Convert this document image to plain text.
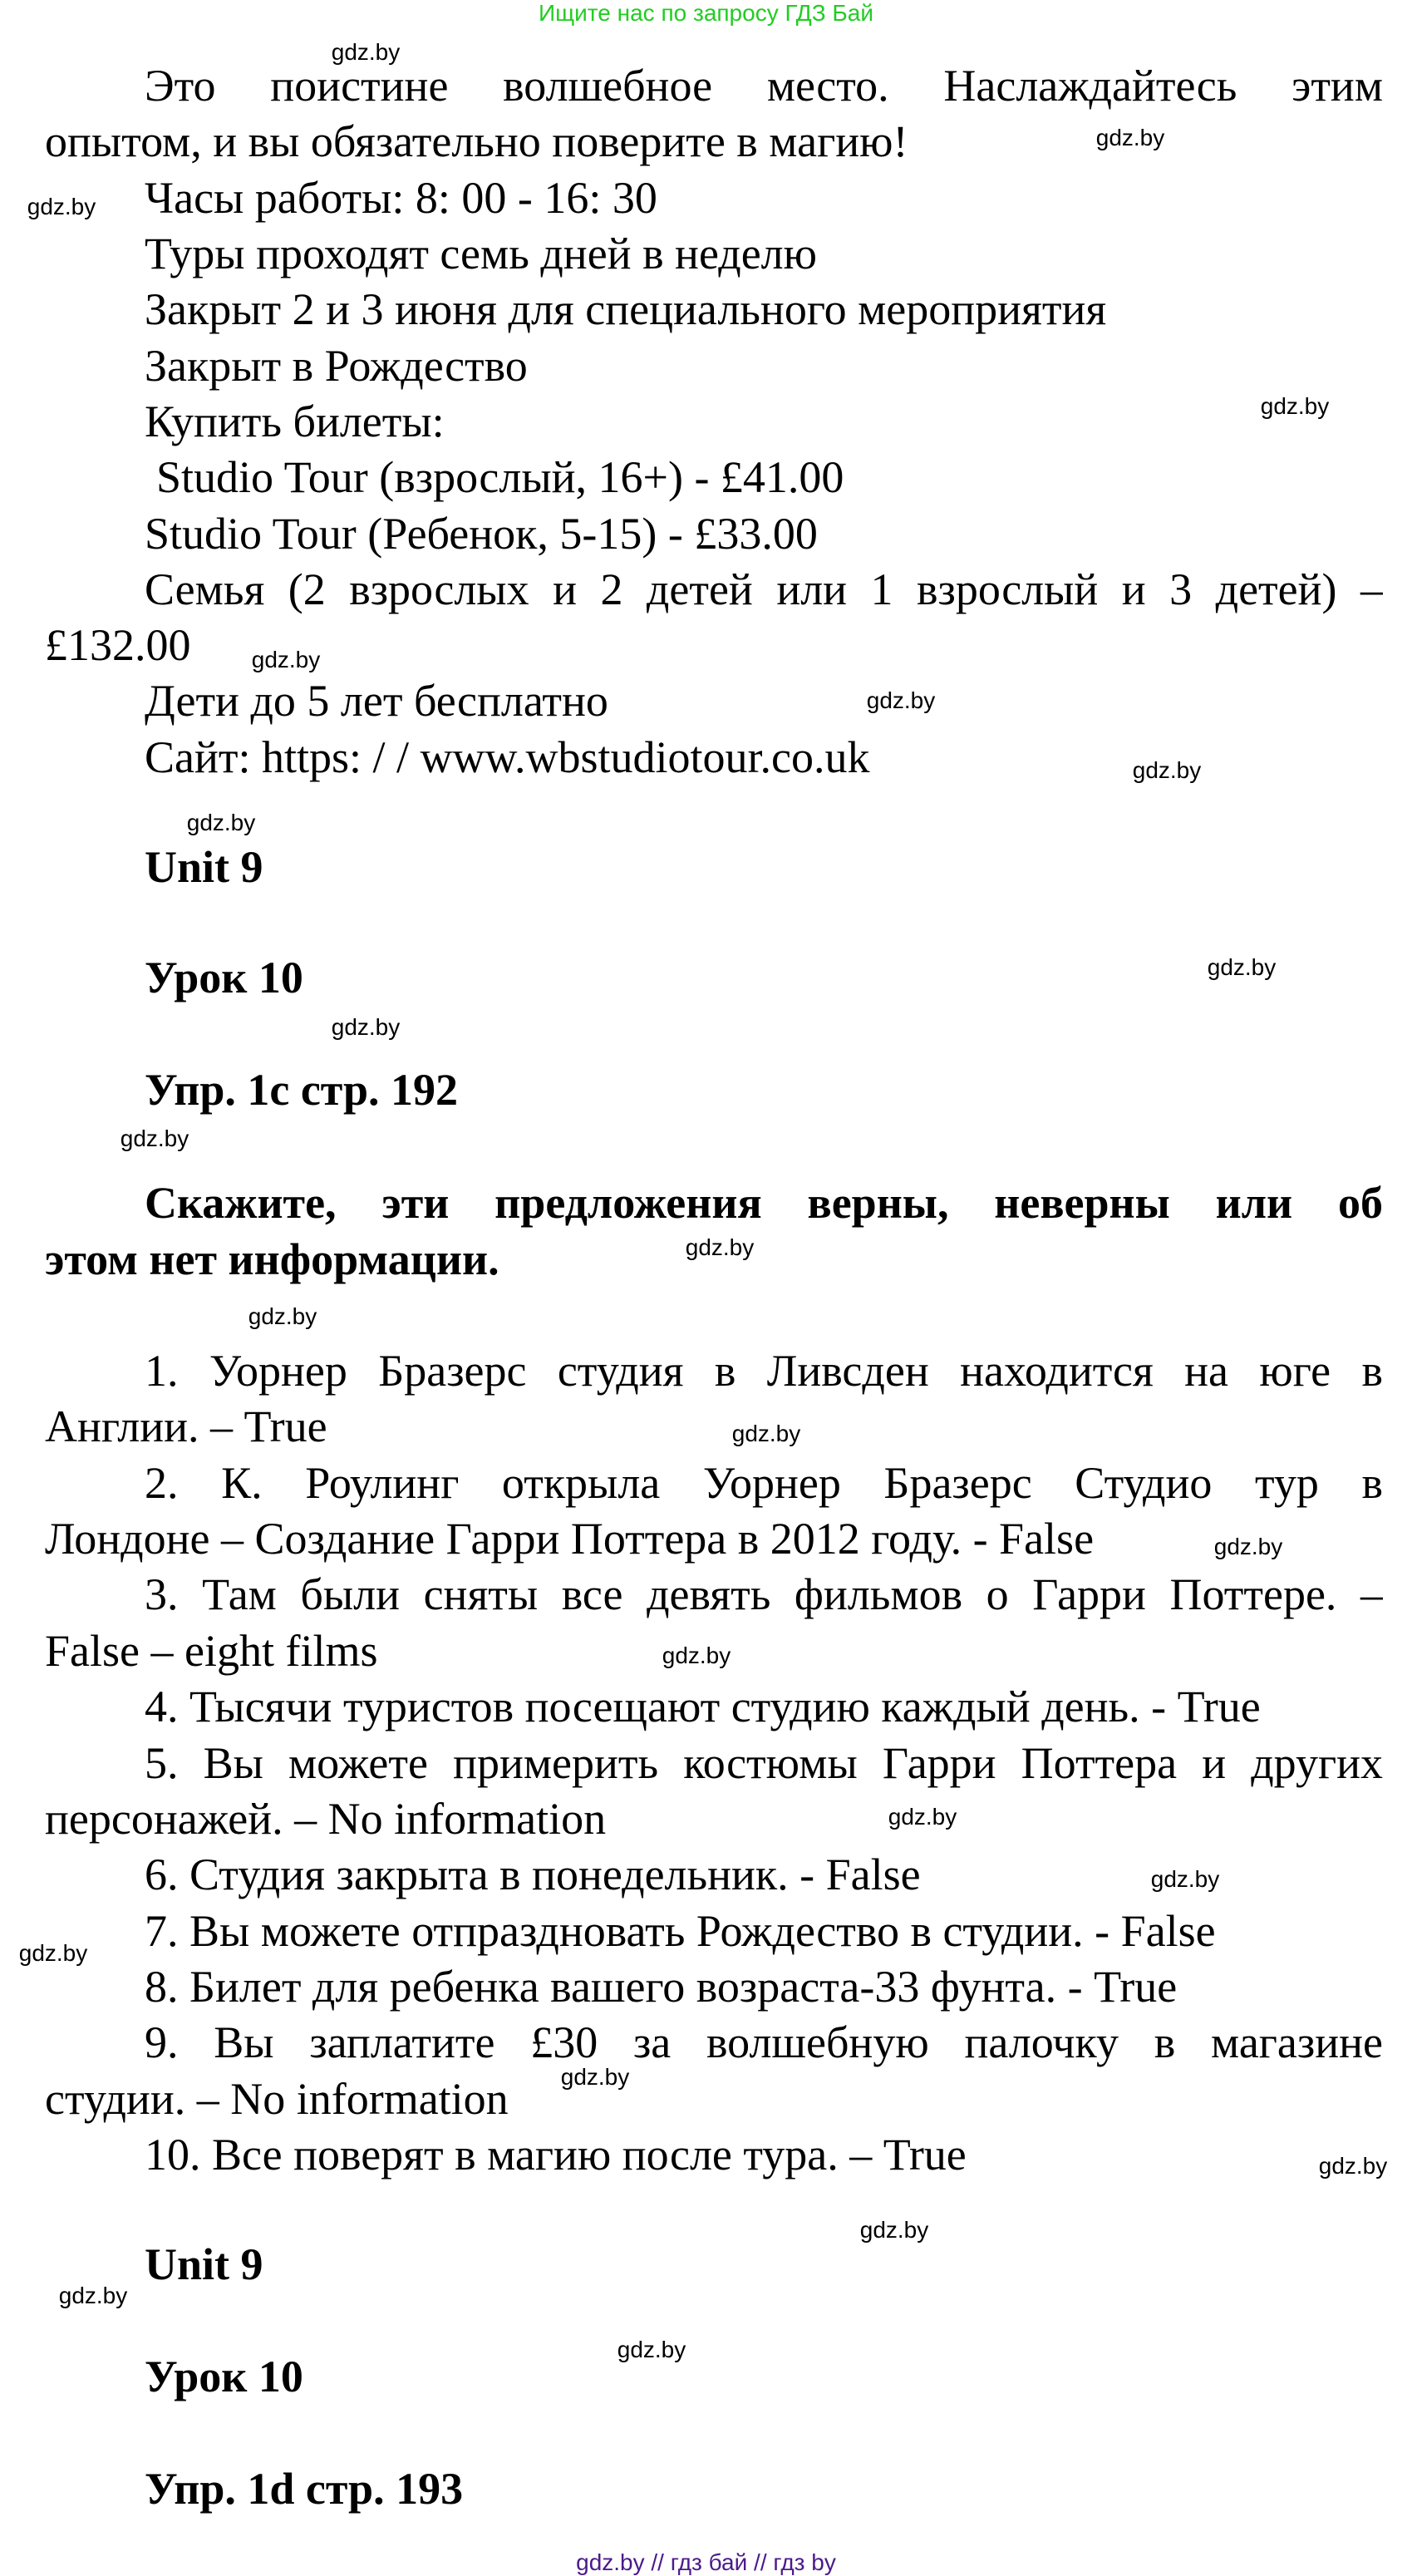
Ищите нас по запросу ГДЗ Бай
Это поистине волшебное место. Наслаждайтесь этим
опытом, и вы обязательно поверите в магию!
Часы работы: 8: 00 - 16: 30
Туры проходят семь дней в неделю
Закрыт 2 и 3 июня для специального мероприятия
Закрыт в Рождество
Купить билеты:
Studio Tour (взрослый, 16+) - £41.00
Studio Tour (Ребенок, 5-15) - £33.00
Семья (2 взрослых и 2 детей или 1 взрослый и 3 детей) –
£132.00
Дети до 5 лет бесплатно
Сайт: https: / / www.wbstudiotour.co.uk
Unit 9
Урок 10
Упр. 1с стр. 192
Скажите, эти предложения верны, неверны или об
этом нет информации.
1. Уорнер Бразерс студия в Ливсден находится на юге в
Англии. – True
2. К. Роулинг открыла Уорнер Бразерс Студио тур в
Лондоне – Создание Гарри Поттера в 2012 году. - False
3. Там были сняты все девять фильмов о Гарри Поттере. –
False – eight films
4. Тысячи туристов посещают студию каждый день. - True
5. Вы можете примерить костюмы Гарри Поттера и других
персонажей. – No information
6. Студия закрыта в понедельник. - False
7. Вы можете отпраздновать Рождество в студии. - False
8. Билет для ребенка вашего возраста-33 фунта. - True
9. Вы заплатите £30 за волшебную палочку в магазине
студии. – No information
10. Все поверят в магию после тура. – True
Unit 9
Урок 10
Упр. 1d стр. 193
gdz.by // гдз бай // гдз by
gdz.by
gdz.by
gdz.by
gdz.by
gdz.by
gdz.by
gdz.by
gdz.by
gdz.by
gdz.by
gdz.by
gdz.by
gdz.by
gdz.by
gdz.by
gdz.by
gdz.by
gdz.by
gdz.by
gdz.by
gdz.by
gdz.by
gdz.by
gdz.by
